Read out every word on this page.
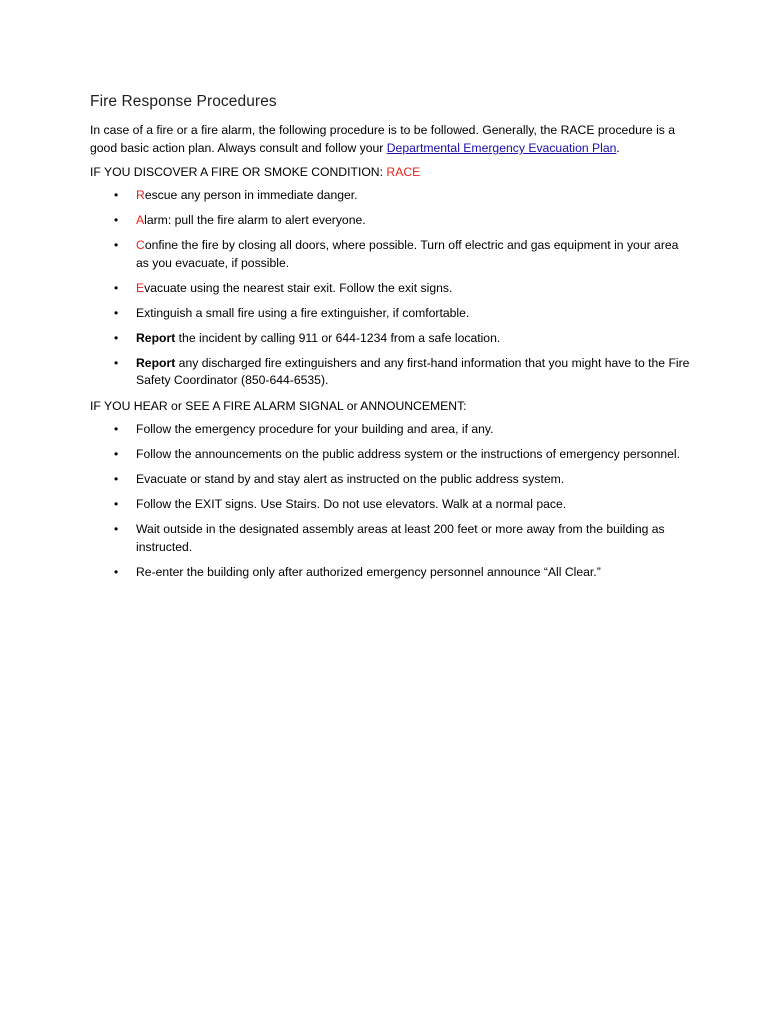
Fire Response Procedures

In case of a fire or a fire alarm, the following procedure is to be followed. Generally, the RACE procedure is a good basic action plan. Always consult and follow your Departmental Emergency Evacuation Plan.

IF YOU DISCOVER A FIRE OR SMOKE CONDITION: RACE

• Rescue any person in immediate danger.
• Alarm: pull the fire alarm to alert everyone.
• Confine the fire by closing all doors, where possible. Turn off electric and gas equipment in your area as you evacuate, if possible.
• Evacuate using the nearest stair exit. Follow the exit signs.
• Extinguish a small fire using a fire extinguisher, if comfortable.
• Report the incident by calling 911 or 644-1234 from a safe location.
• Report any discharged fire extinguishers and any first-hand information that you might have to the Fire Safety Coordinator (850-644-6535).

IF YOU HEAR or SEE A FIRE ALARM SIGNAL or ANNOUNCEMENT:

• Follow the emergency procedure for your building and area, if any.
• Follow the announcements on the public address system or the instructions of emergency personnel.
• Evacuate or stand by and stay alert as instructed on the public address system.
• Follow the EXIT signs. Use Stairs. Do not use elevators. Walk at a normal pace.
• Wait outside in the designated assembly areas at least 200 feet or more away from the building as instructed.
• Re-enter the building only after authorized emergency personnel announce “All Clear.”
